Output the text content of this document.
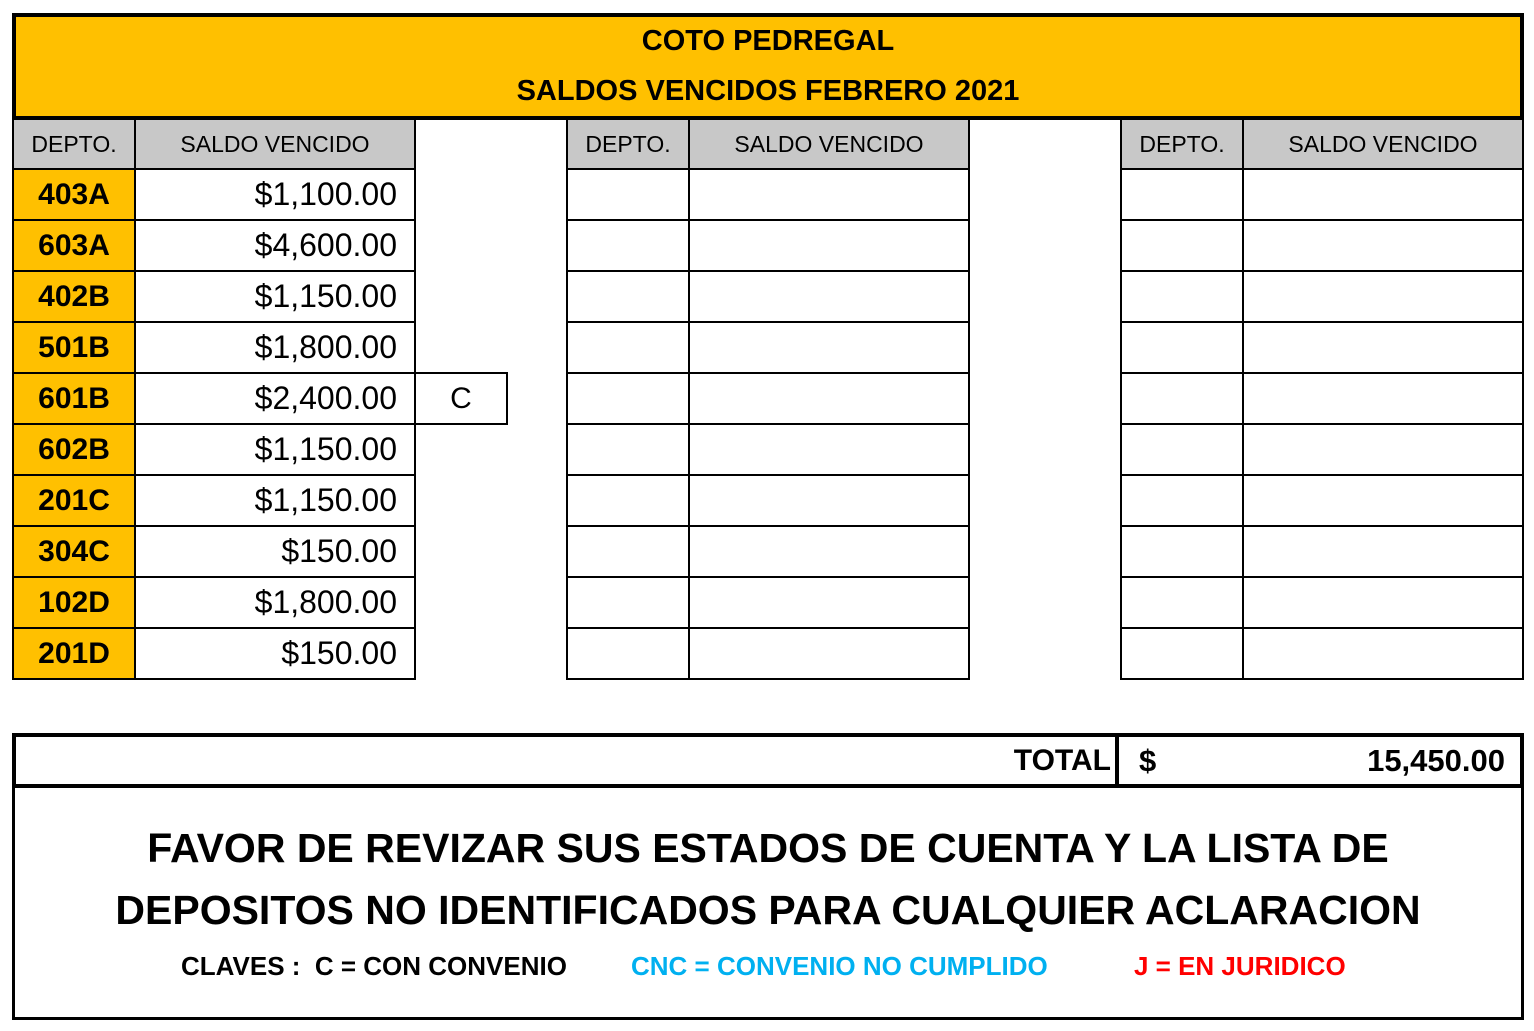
COTO PEDREGAL
SALDOS VENCIDOS FEBRERO 2021
TOTAL $	15,450.00
FAVOR DE REVIZAR SUS ESTADOS DE CUENTA Y LA LISTA DE
DEPOSITOS NO IDENTIFICADOS PARA CUALQUIER ACLARACION
CLAVES :  C = CON CONVENIO CNC = CONVENIO NO CUMPLIDO	J = EN JURIDICO
DEPTO.	SALDO VENCIDO
403A	$1,100.00
603A	$4,600.00
402B	$1,150.00
501B	$1,800.00
601B	$2,400.00	C
602B	$1,150.00
201C	$1,150.00
304C	$150.00
102D	$1,800.00
201D	$150.00
DEPTO.	SALDO VENCIDO	DEPTO.	SALDO VENCIDO
